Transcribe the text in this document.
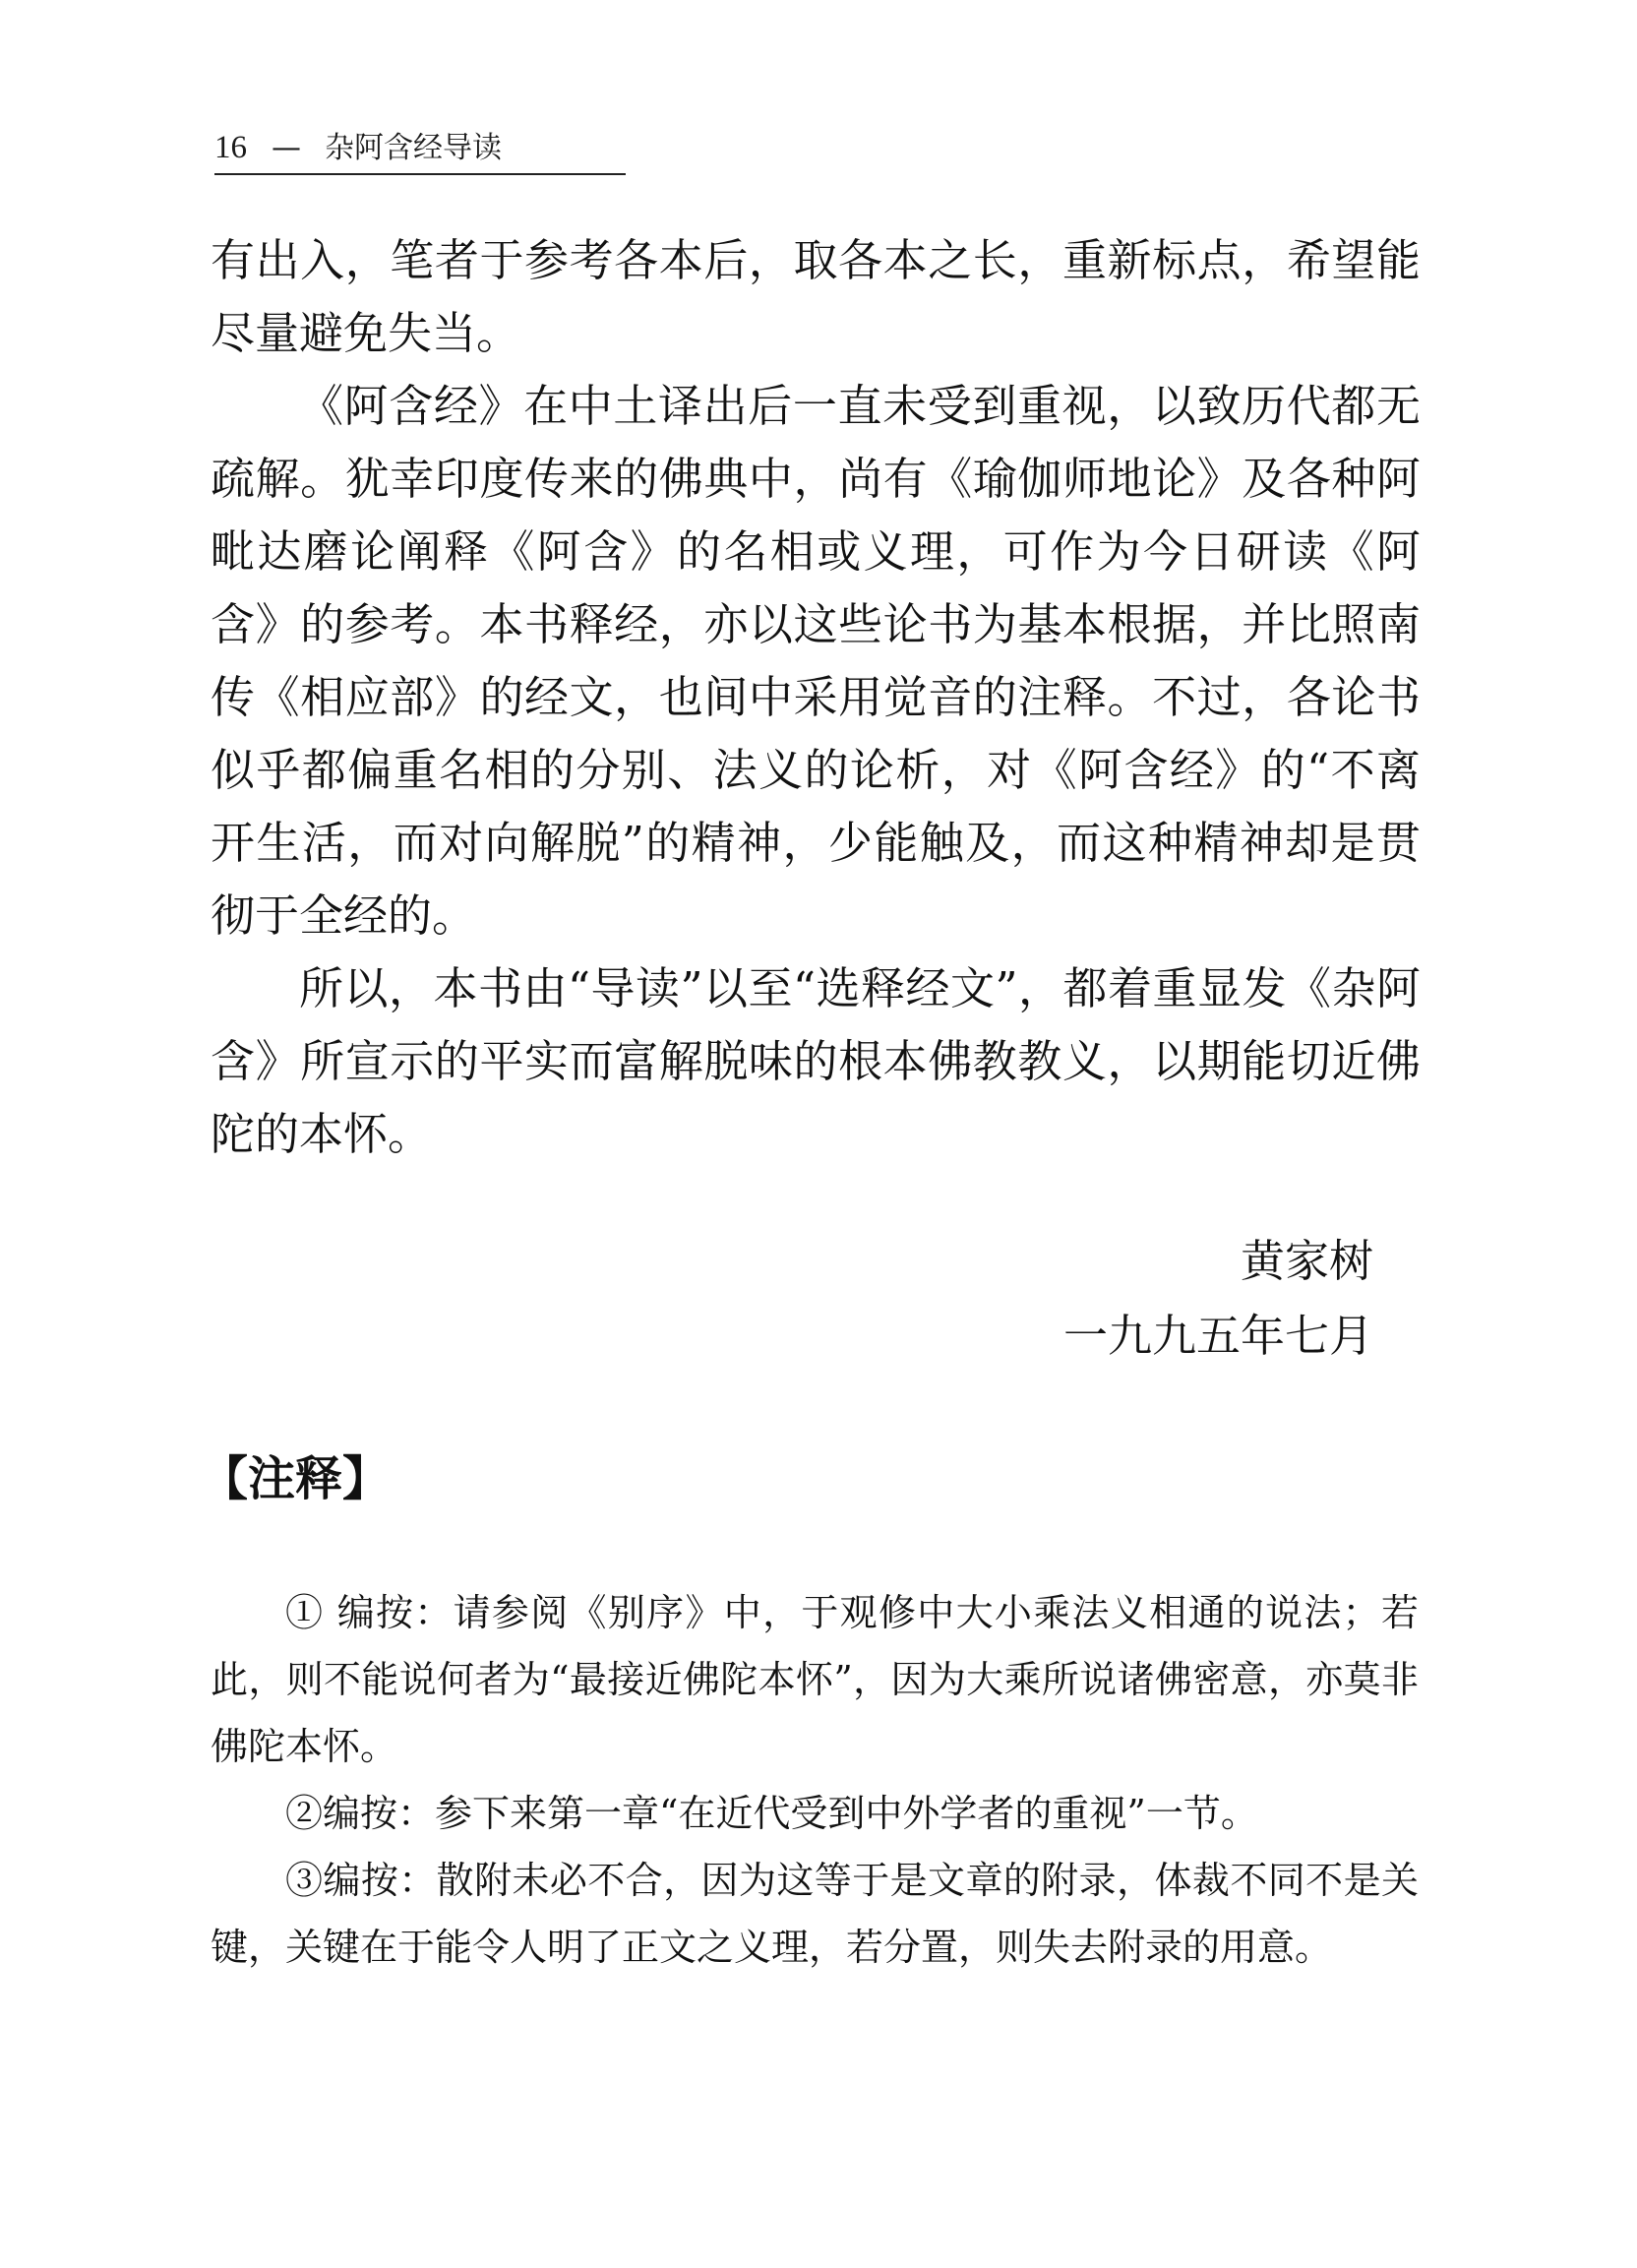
16 — 杂阿含经导读

有出入，笔者于参考各本后，取各本之长，重新标点，希望能尽量避免失当。

《阿含经》在中土译出后一直未受到重视，以致历代都无疏解。犹幸印度传来的佛典中，尚有《瑜伽师地论》及各种阿毗达磨论阐释《阿含》的名相或义理，可作为今日研读《阿含》的参考。本书释经，亦以这些论书为基本根据，并比照南传《相应部》的经文，也间中采用觉音的注释。不过，各论书似乎都偏重名相的分别、法义的论析，对《阿含经》的“不离开生活，而对向解脱”的精神，少能触及，而这种精神却是贯彻于全经的。

所以，本书由“导读”以至“选释经文”，都着重显发《杂阿含》所宣示的平实而富解脱味的根本佛教教义，以期能切近佛陀的本怀。

黄家树
一九九五年七月
【注释】

① 编按：请参阅《别序》中，于观修中大小乘法义相通的说法；若此，则不能说何者为“最接近佛陀本怀”，因为大乘所说诸佛密意，亦莫非佛陀本怀。

②编按：参下来第一章“在近代受到中外学者的重视”一节。

③编按：散附未必不合，因为这等于是文章的附录，体裁不同不是关键，关键在于能令人明了正文之义理，若分置，则失去附录的用意。
